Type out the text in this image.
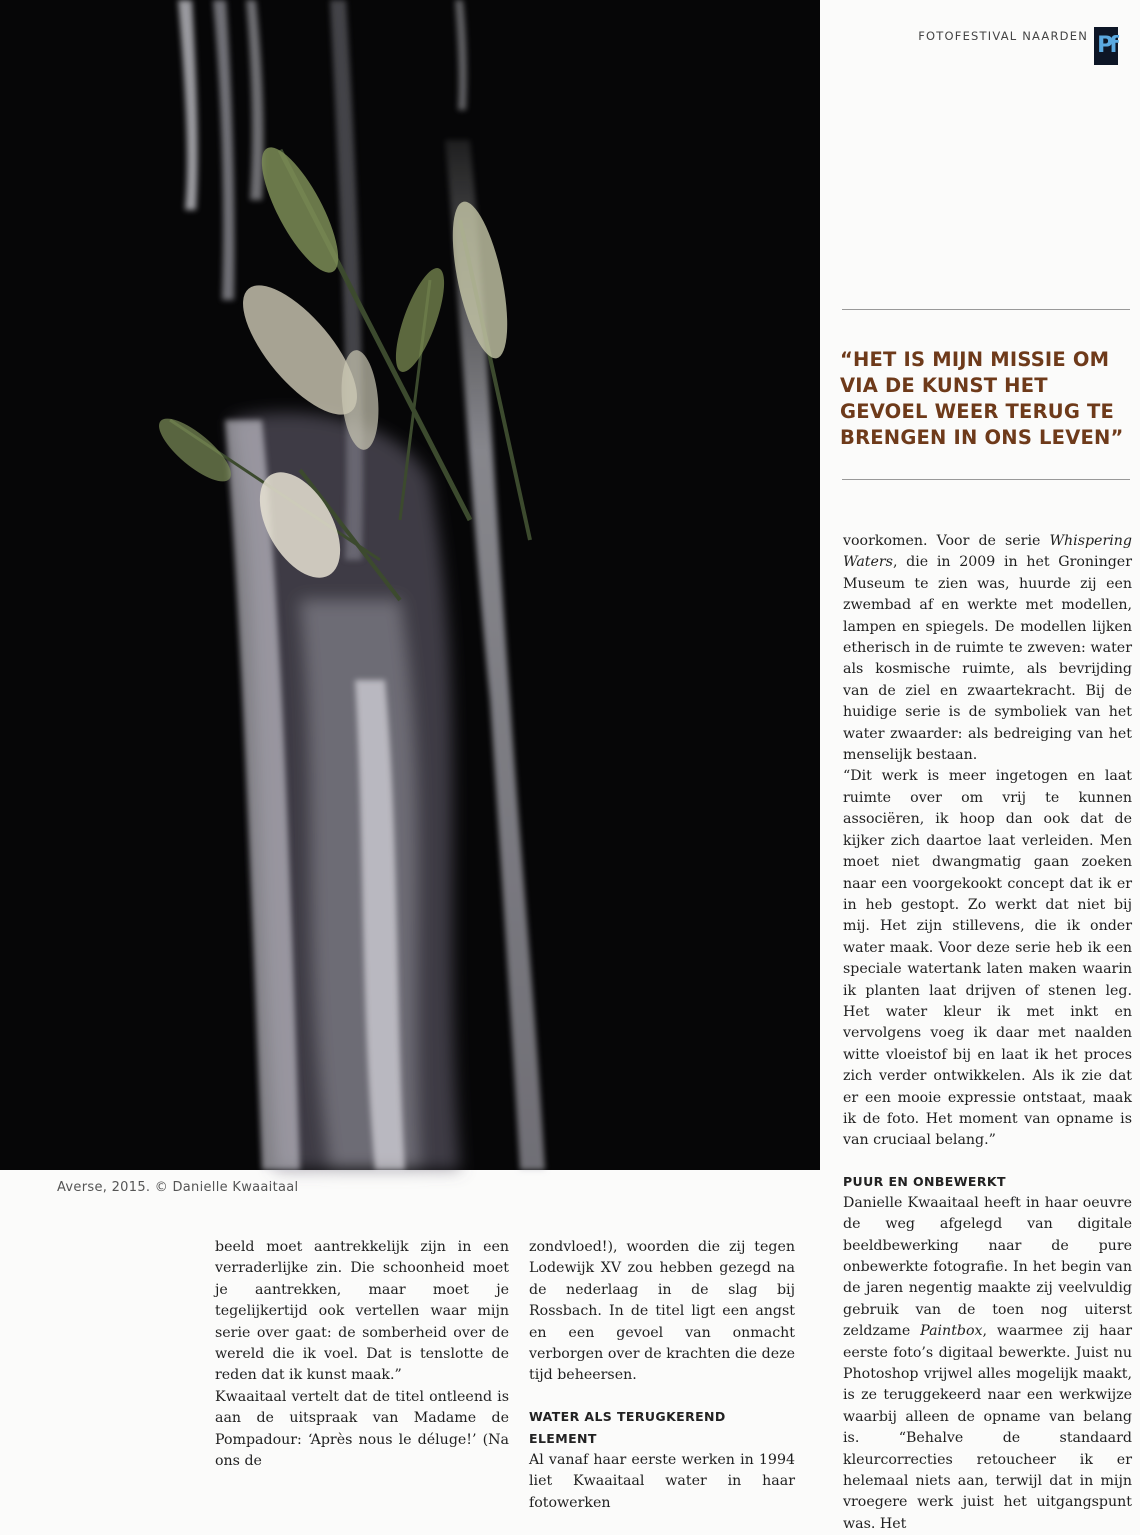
Averse, 2015. © Danielle Kwaaitaal
FOTOFESTIVAL NAARDEN Pf
“HET IS MIJN MISSIE OM VIA DE KUNST HET GEVOEL WEER TERUG TE BRENGEN IN ONS LEVEN”

voorkomen. Voor de serie Whispering Waters, die in 2009 in het Groninger Museum te zien was, huurde zij een zwembad af en werkte met modellen, lampen en spiegels. De modellen lijken etherisch in de ruimte te zweven: water als kosmische ruimte, als bevrijding van de ziel en zwaartekracht. Bij de huidige serie is de symboliek van het water zwaarder: als bedreiging van het menselijk bestaan.

“Dit werk is meer ingetogen en laat ruimte over om vrij te kunnen associëren, ik hoop dan ook dat de kijker zich daartoe laat verleiden. Men moet niet dwangmatig gaan zoeken naar een voorgekookt concept dat ik er in heb gestopt. Zo werkt dat niet bij mij. Het zijn stillevens, die ik onder water maak. Voor deze serie heb ik een speciale watertank laten maken waarin ik planten laat drijven of stenen leg. Het water kleur ik met inkt en vervolgens voeg ik daar met naalden witte vloeistof bij en laat ik het proces zich verder ontwikkelen. Als ik zie dat er een mooie expressie ontstaat, maak ik de foto. Het moment van opname is van cruciaal belang.”

PUUR EN ONBEWERKT

Danielle Kwaaitaal heeft in haar oeuvre de weg afgelegd van digitale beeldbewerking naar de pure onbewerkte fotografie. In het begin van de jaren negentig maakte zij veelvuldig gebruik van de toen nog uiterst zeldzame Paintbox, waarmee zij haar eerste foto’s digitaal bewerkte. Juist nu Photoshop vrijwel alles mogelijk maakt, is ze teruggekeerd naar een werkwijze waarbij alleen de opname van belang is. “Behalve de standaard kleurcorrecties retoucheer ik er helemaal niets aan, terwijl dat in mijn vroegere werk juist het uitgangspunt was. Het

beeld moet aantrekkelijk zijn in een verraderlijke zin. Die schoonheid moet je aantrekken, maar moet je tegelijkertijd ook vertellen waar mijn serie over gaat: de somberheid over de wereld die ik voel. Dat is tenslotte de reden dat ik kunst maak.”

Kwaaitaal vertelt dat de titel ontleend is aan de uitspraak van Madame de Pompadour: ‘Après nous le déluge!’ (Na ons de

zondvloed!), woorden die zij tegen Lodewijk XV zou hebben gezegd na de nederlaag in de slag bij Rossbach. In de titel ligt een angst en een gevoel van onmacht verborgen over de krachten die deze tijd beheersen.

WATER ALS TERUGKEREND ELEMENT

Al vanaf haar eerste werken in 1994 liet Kwaaitaal water in haar fotowerken
